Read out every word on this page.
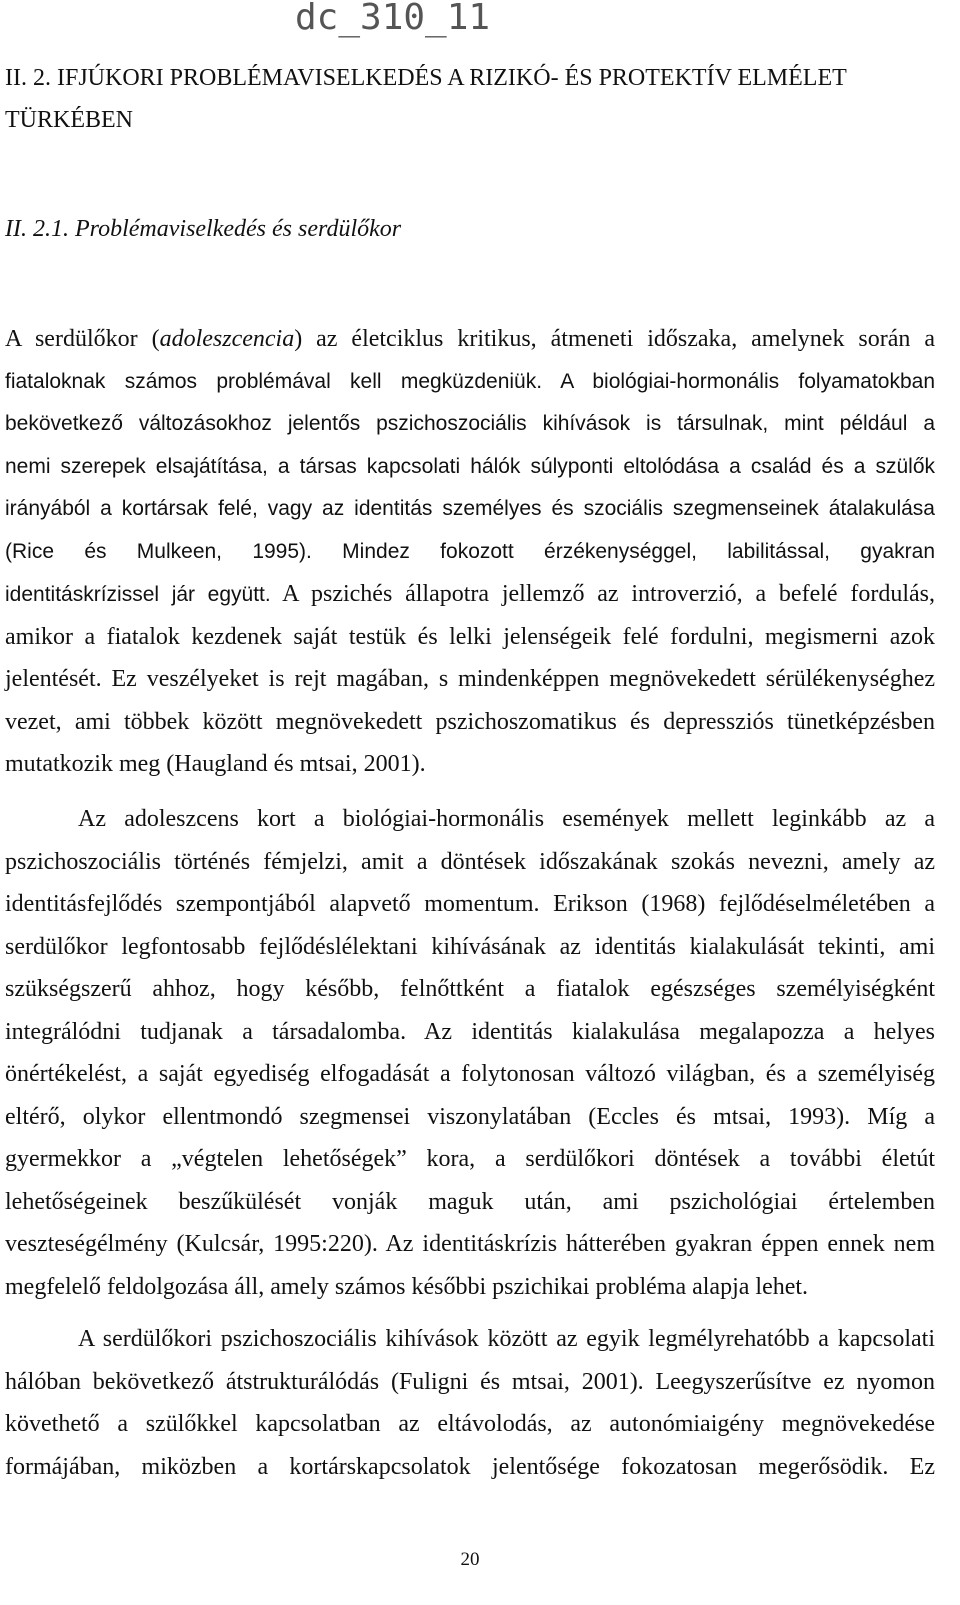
dc_310_11
II. 2. IFJÚKORI PROBLÉMAVISELKEDÉS A RIZIKÓ- ÉS PROTEKTÍV ELMÉLET
TÜRKÉBEN
II. 2.1. Problémaviselkedés és serdülőkor
A serdülőkor (adoleszcencia) az életciklus kritikus, átmeneti időszaka, amelynek során a
fiataloknak számos problémával kell megküzdeniük. A biológiai-hormonális folyamatokban
bekövetkező változásokhoz jelentős pszichoszociális kihívások is társulnak, mint például a
nemi szerepek elsajátítása, a társas kapcsolati hálók súlyponti eltolódása a család és a szülők
irányából a kortársak felé, vagy az identitás személyes és szociális szegmenseinek átalakulása
(Rice és Mulkeen, 1995). Mindez fokozott érzékenységgel, labilitással, gyakran
identitáskrízissel jár együtt. A pszichés állapotra jellemző az introverzió, a befelé fordulás,
amikor a fiatalok kezdenek saját testük és lelki jelenségeik felé fordulni, megismerni azok
jelentését. Ez veszélyeket is rejt magában, s mindenképpen megnövekedett sérülékenységhez
vezet, ami többek között megnövekedett pszichoszomatikus és depressziós tünetképzésben
mutatkozik meg (Haugland és mtsai, 2001).
Az adoleszcens kort a biológiai-hormonális események mellett leginkább az a
pszichoszociális történés fémjelzi, amit a döntések időszakának szokás nevezni, amely az
identitásfejlődés szempontjából alapvető momentum. Erikson (1968) fejlődéselméletében a
serdülőkor legfontosabb fejlődéslélektani kihívásának az identitás kialakulását tekinti, ami
szükségszerű ahhoz, hogy később, felnőttként a fiatalok egészséges személyiségként
integrálódni tudjanak a társadalomba. Az identitás kialakulása megalapozza a helyes
önértékelést, a saját egyediség elfogadását a folytonosan változó világban, és a személyiség
eltérő, olykor ellentmondó szegmensei viszonylatában (Eccles és mtsai, 1993). Míg a
gyermekkor a „végtelen lehetőségek” kora, a serdülőkori döntések a további életút
lehetőségeinek beszűkülését vonják maguk után, ami pszichológiai értelemben
veszteségélmény (Kulcsár, 1995:220). Az identitáskrízis hátterében gyakran éppen ennek nem
megfelelő feldolgozása áll, amely számos későbbi pszichikai probléma alapja lehet.
A serdülőkori pszichoszociális kihívások között az egyik legmélyrehatóbb a kapcsolati
hálóban bekövetkező átstrukturálódás (Fuligni és mtsai, 2001). Leegyszerűsítve ez nyomon
követhető a szülőkkel kapcsolatban az eltávolodás, az autonómiaigény megnövekedése
formájában, miközben a kortárskapcsolatok jelentősége fokozatosan megerősödik. Ez
20
